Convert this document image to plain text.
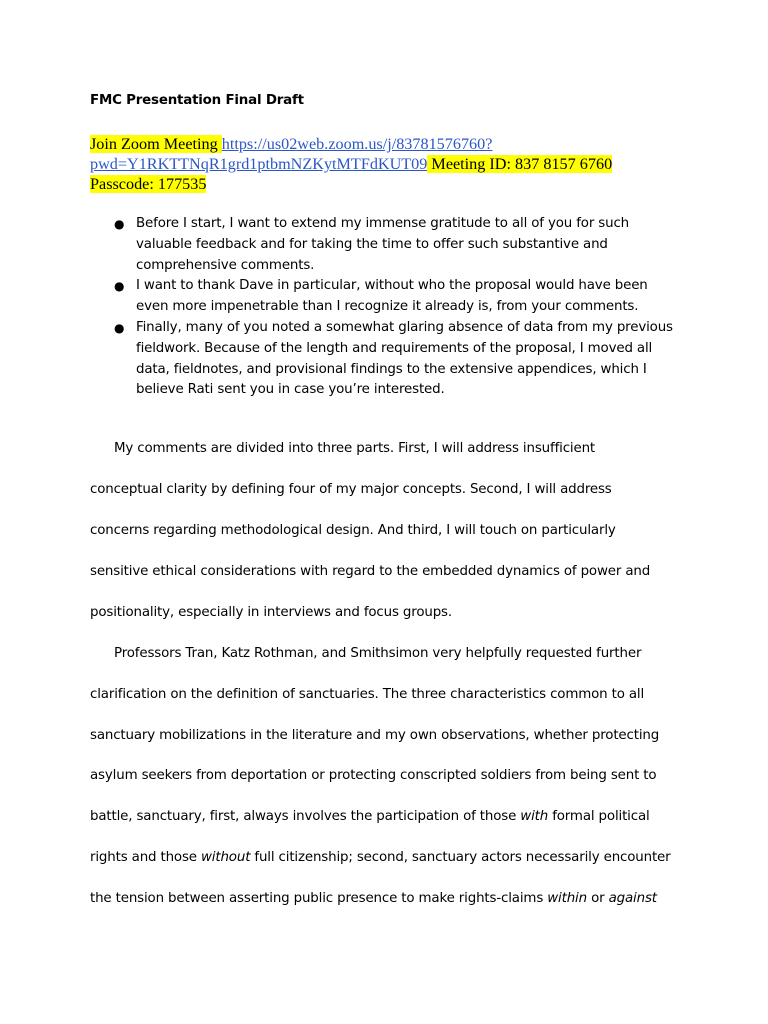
FMC Presentation Final Draft
Join Zoom Meeting https://us02web.zoom.us/j/83781576760?
pwd=Y1RKTTNqR1grd1ptbmNZKytMTFdKUT09 Meeting ID: 837 8157 6760
Passcode: 177535
● Before I start, I want to extend my immense gratitude to all of you for such
valuable feedback and for taking the time to offer such substantive and
comprehensive comments.
● I want to thank Dave in particular, without who the proposal would have been
even more impenetrable than I recognize it already is, from your comments.
● Finally, many of you noted a somewhat glaring absence of data from my previous
fieldwork. Because of the length and requirements of the proposal, I moved all
data, fieldnotes, and provisional findings to the extensive appendices, which I
believe Rati sent you in case you’re interested.
My comments are divided into three parts. First, I will address insufficient
conceptual clarity by defining four of my major concepts. Second, I will address
concerns regarding methodological design. And third, I will touch on particularly
sensitive ethical considerations with regard to the embedded dynamics of power and
positionality, especially in interviews and focus groups.
Professors Tran, Katz Rothman, and Smithsimon very helpfully requested further
clarification on the definition of sanctuaries. The three characteristics common to all
sanctuary mobilizations in the literature and my own observations, whether protecting
asylum seekers from deportation or protecting conscripted soldiers from being sent to
battle, sanctuary, first, always involves the participation of those with formal political
rights and those without full citizenship; second, sanctuary actors necessarily encounter
the tension between asserting public presence to make rights-claims within or against
